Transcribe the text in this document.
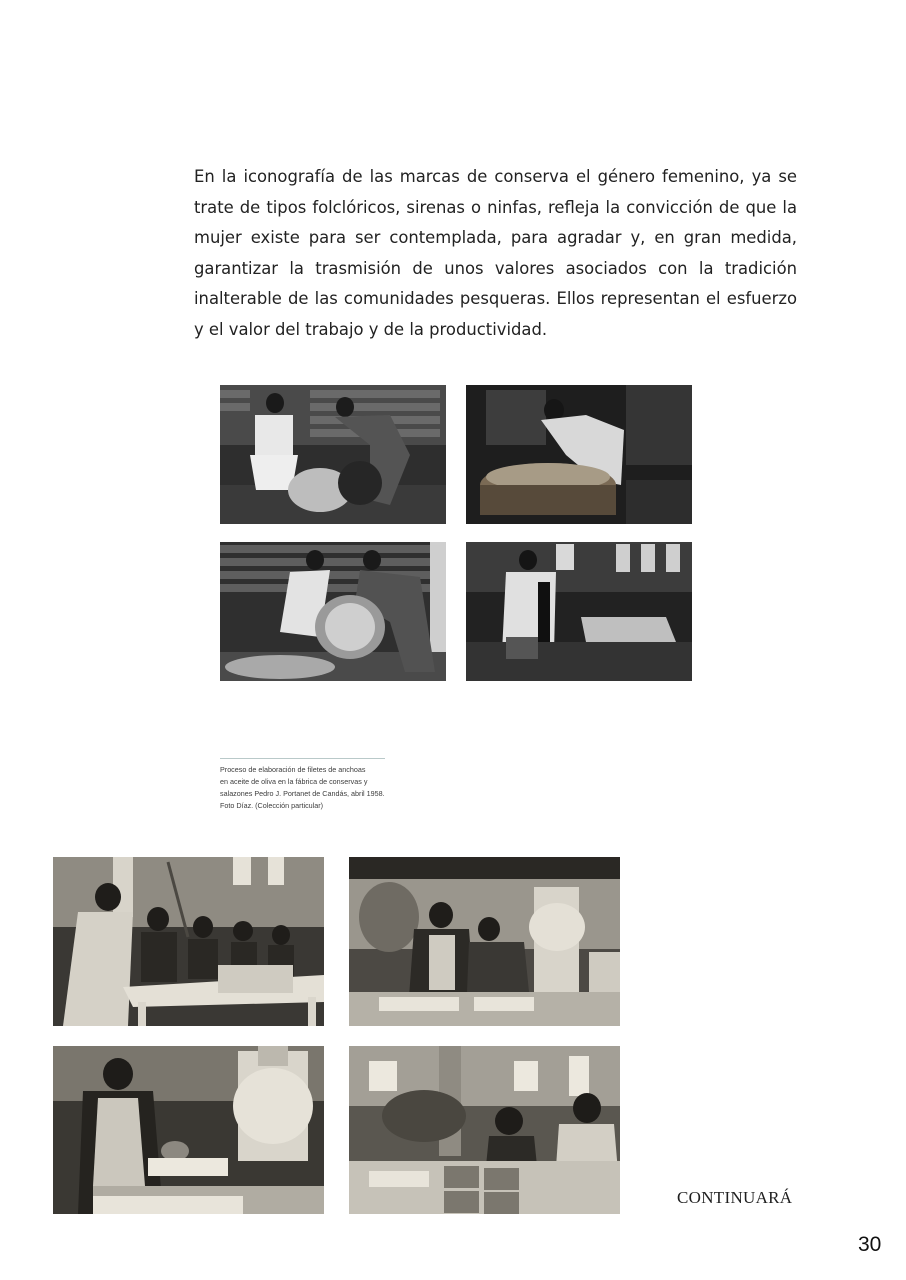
En la iconografía de las marcas de conserva el género femenino, ya se trate de tipos folclóricos, sirenas o ninfas, refleja la convicción de que la mujer existe para ser contemplada, para agradar y, en gran medida, garantizar la trasmisión de unos valores asociados con la tradición inalterable de las comunidades pesqueras. Ellos representan el esfuerzo y el valor del trabajo y de la productividad.

Proceso de elaboración de filetes de anchoas
en aceite de oliva en la fábrica de conservas y
salazones Pedro J. Portanet de Candás, abril 1958.
Foto Díaz. (Colección particular)
CONTINUARÁ
30
